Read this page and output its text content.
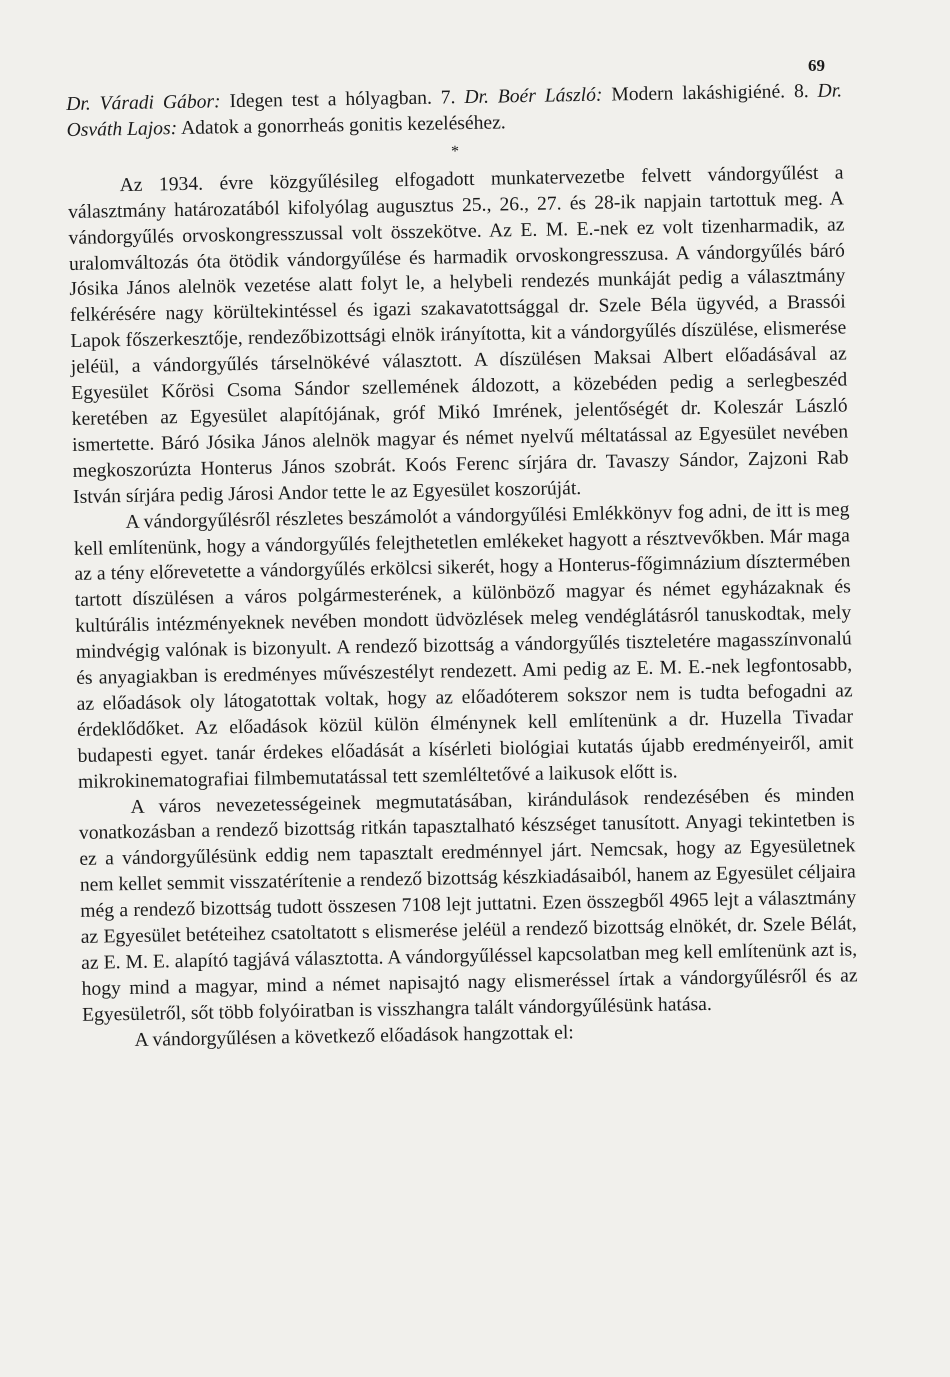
69

Dr. Váradi Gábor: Idegen test a hólyagban. 7. Dr. Boér László: Modern lakáshigiéné. 8. Dr. Osváth Lajos: Adatok a gonorrheás gonitis kezeléséhez.

*

Az 1934. évre közgyűlésileg elfogadott munkatervezetbe felvett vándorgyűlést a választmány határozatából kifolyólag augusztus 25., 26., 27. és 28-ik napjain tartottuk meg. A vándorgyűlés orvoskongresszussal volt összekötve. Az E. M. E.-nek ez volt tizenharmadik, az uralomváltozás óta ötödik vándorgyűlése és harmadik orvoskongresszusa. A vándorgyűlés báró Jósika János alelnök vezetése alatt folyt le, a helybeli rendezés munkáját pedig a választmány felkérésére nagy körültekintéssel és igazi szakavatottsággal dr. Szele Béla ügyvéd, a Brassói Lapok főszerkesztője, rendezőbizottsági elnök irányította, kit a vándorgyűlés díszülése, elismerése jeléül, a vándorgyűlés társelnökévé választott. A díszülésen Maksai Albert előadásával az Egyesület Kőrösi Csoma Sándor szellemének áldozott, a közebéden pedig a serlegbeszéd keretében az Egyesület alapítójának, gróf Mikó Imrének, jelentőségét dr. Koleszár László ismertette. Báró Jósika János alelnök magyar és német nyelvű méltatással az Egyesület nevében megkoszorúzta Honterus János szobrát. Koós Ferenc sírjára dr. Tavaszy Sándor, Zajzoni Rab István sírjára pedig Járosi Andor tette le az Egyesület koszorúját.

A vándorgyűlésről részletes beszámolót a vándorgyűlési Emlékkönyv fog adni, de itt is meg kell említenünk, hogy a vándorgyűlés felejthetetlen emlékeket hagyott a résztvevőkben. Már maga az a tény előrevetette a vándorgyűlés erkölcsi sikerét, hogy a Honterus-főgimnázium dísztermében tartott díszülésen a város polgármesterének, a különböző magyar és német egyházaknak és kultúrális intézményeknek nevében mondott üdvözlések meleg vendéglátásról tanuskodtak, mely mindvégig valónak is bizonyult. A rendező bizottság a vándorgyűlés tiszteletére magasszínvonalú és anyagiakban is eredményes művészestélyt rendezett. Ami pedig az E. M. E.-nek legfontosabb, az előadások oly látogatottak voltak, hogy az előadóterem sokszor nem is tudta befogadni az érdeklődőket. Az előadások közül külön élménynek kell említenünk a dr. Huzella Tivadar budapesti egyet. tanár érdekes előadását a kísérleti biológiai kutatás újabb eredményeiről, amit mikrokinematografiai filmbemutatással tett szemléltetővé a laikusok előtt is.

A város nevezetességeinek megmutatásában, kirándulások rendezésében és minden vonatkozásban a rendező bizottság ritkán tapasztalható készséget tanusított. Anyagi tekintetben is ez a vándorgyűlésünk eddig nem tapasztalt eredménnyel járt. Nemcsak, hogy az Egyesületnek nem kellet semmit visszatérítenie a rendező bizottság készkiadásaiból, hanem az Egyesület céljaira még a rendező bizottság tudott összesen 7108 lejt juttatni. Ezen összegből 4965 lejt a választmány az Egyesület betéteihez csatoltatott s elismerése jeléül a rendező bizottság elnökét, dr. Szele Bélát, az E. M. E. alapító tagjává választotta. A vándorgyűléssel kapcsolatban meg kell említenünk azt is, hogy mind a magyar, mind a német napisajtó nagy elismeréssel írtak a vándorgyűlésről és az Egyesületről, sőt több folyóiratban is visszhangra talált vándorgyűlésünk hatása.

A vándorgyűlésen a következő előadások hangzottak el:
